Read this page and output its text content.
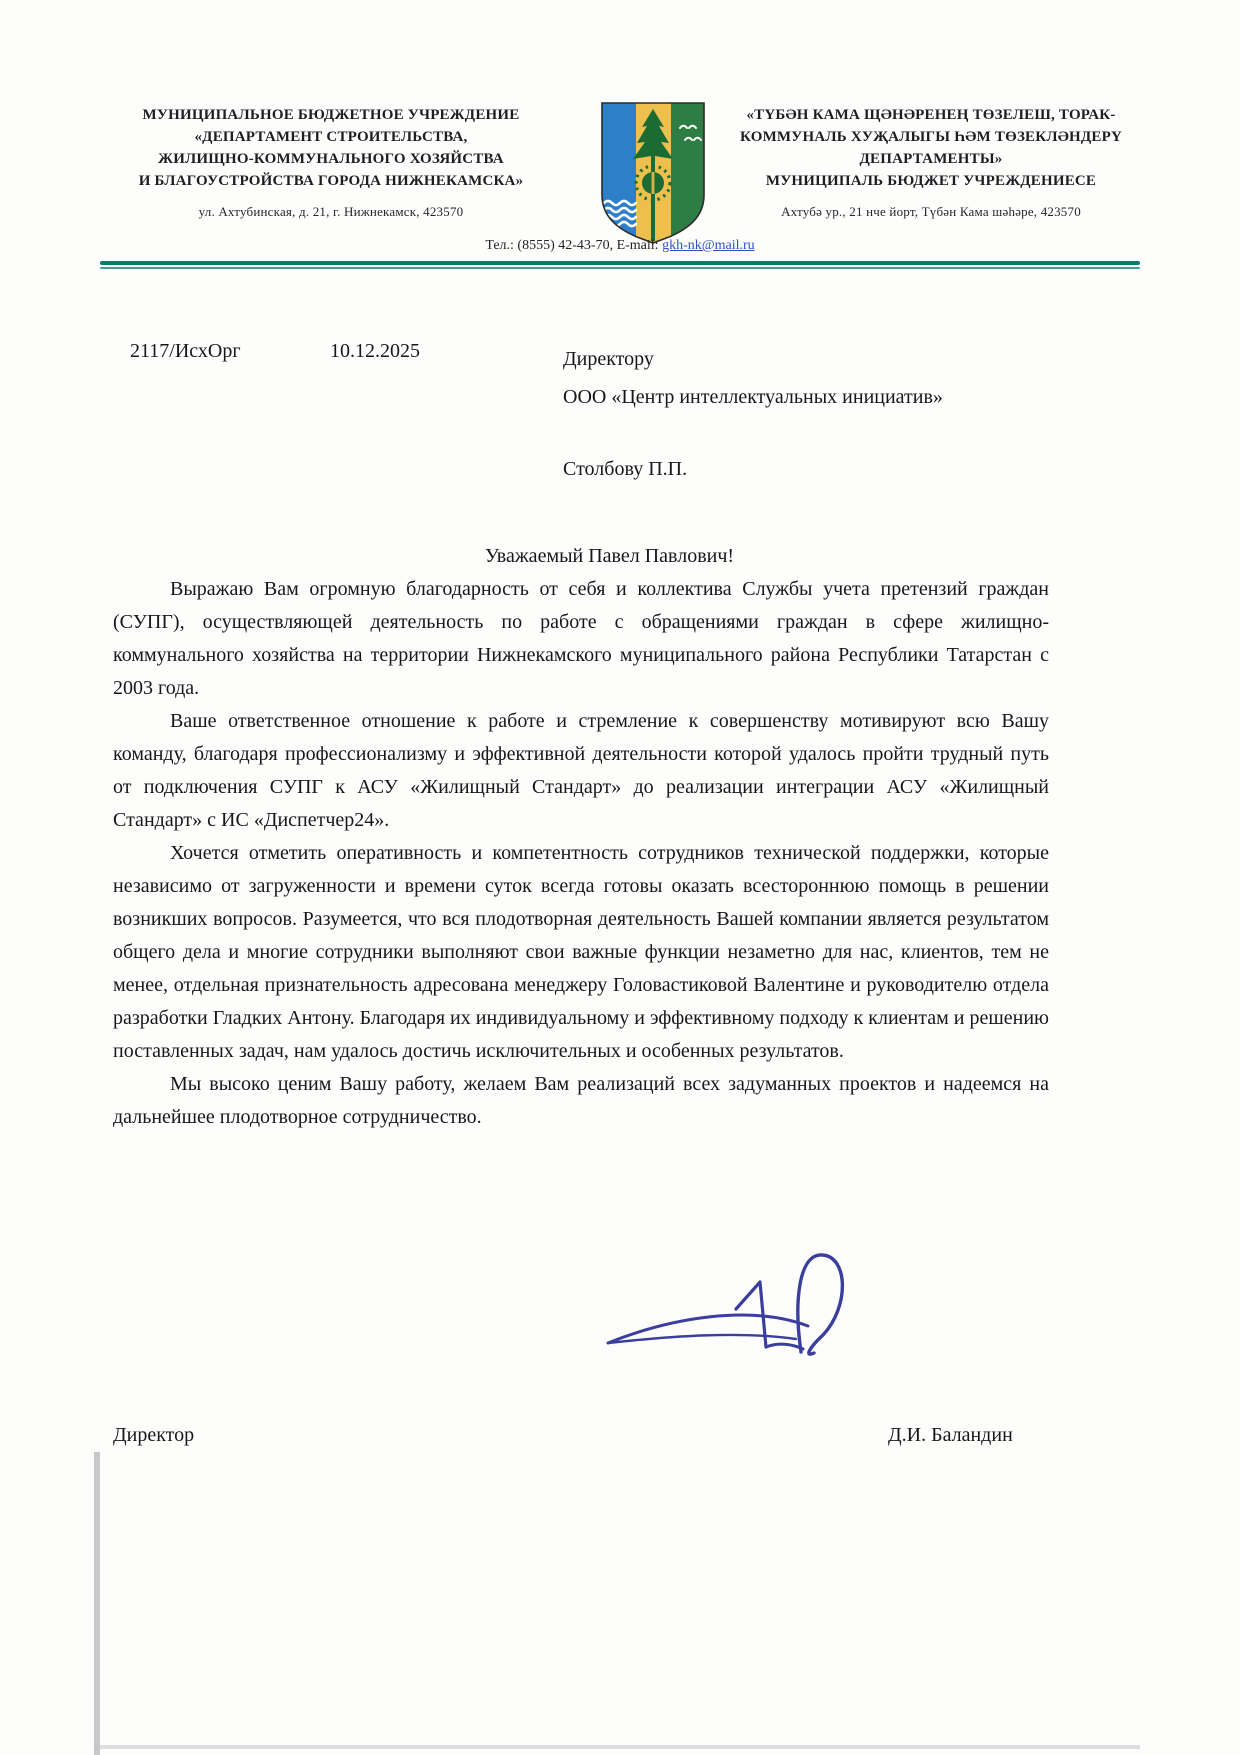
МУНИЦИПАЛЬНОЕ БЮДЖЕТНОЕ УЧРЕЖДЕНИЕ
«ДЕПАРТАМЕНТ СТРОИТЕЛЬСТВА,
ЖИЛИЩНО-КОММУНАЛЬНОГО ХОЗЯЙСТВА
И БЛАГОУСТРОЙСТВА ГОРОДА НИЖНЕКАМСКА»
ул. Ахтубинская, д. 21, г. Нижнекамск, 423570
«ТҮБӘН КАМА ЩӘНӘРЕНЕҢ ТӨЗЕЛЕШ, ТОРАК-
КОММУНАЛЬ ХУҖАЛЫГЫ ҺӘМ ТӨЗЕКЛӘНДЕРҮ
ДЕПАРТАМЕНТЫ»
МУНИЦИПАЛЬ БЮДЖЕТ УЧРЕЖДЕНИЕСЕ
Ахтубә ур., 21 нче йорт, Түбән Кама шәһәре, 423570
Тел.: (8555) 42-43-70, E-mail: gkh-nk@mail.ru
2117/ИсхОрг	10.12.2025	Директору
ООО «Центр интеллектуальных инициатив»
Столбову П.П.

Уважаемый Павел Павлович!

Выражаю Вам огромную благодарность от себя и коллектива Службы учета претензий граждан (СУПГ), осуществляющей деятельность по работе с обращениями граждан в сфере жилищно-коммунального хозяйства на территории Нижнекамского муниципального района Республики Татарстан с 2003 года.

Ваше ответственное отношение к работе и стремление к совершенству мотивируют всю Вашу команду, благодаря профессионализму и эффективной деятельности которой удалось пройти трудный путь от подключения СУПГ к АСУ «Жилищный Стандарт» до реализации интеграции АСУ «Жилищный Стандарт» с ИС «Диспетчер24».

Хочется отметить оперативность и компетентность сотрудников технической поддержки, которые независимо от загруженности и времени суток всегда готовы оказать всестороннюю помощь в решении возникших вопросов. Разумеется, что вся плодотворная деятельность Вашей компании является результатом общего дела и многие сотрудники выполняют свои важные функции незаметно для нас, клиентов, тем не менее, отдельная признательность адресована менеджеру Головастиковой Валентине и руководителю отдела разработки Гладких Антону. Благодаря их индивидуальному и эффективному подходу к клиентам и решению поставленных задач, нам удалось достичь исключительных и особенных результатов.

Мы высоко ценим Вашу работу, желаем Вам реализаций всех задуманных проектов и надеемся на дальнейшее плодотворное сотрудничество.

Директор	Д.И. Баландин
